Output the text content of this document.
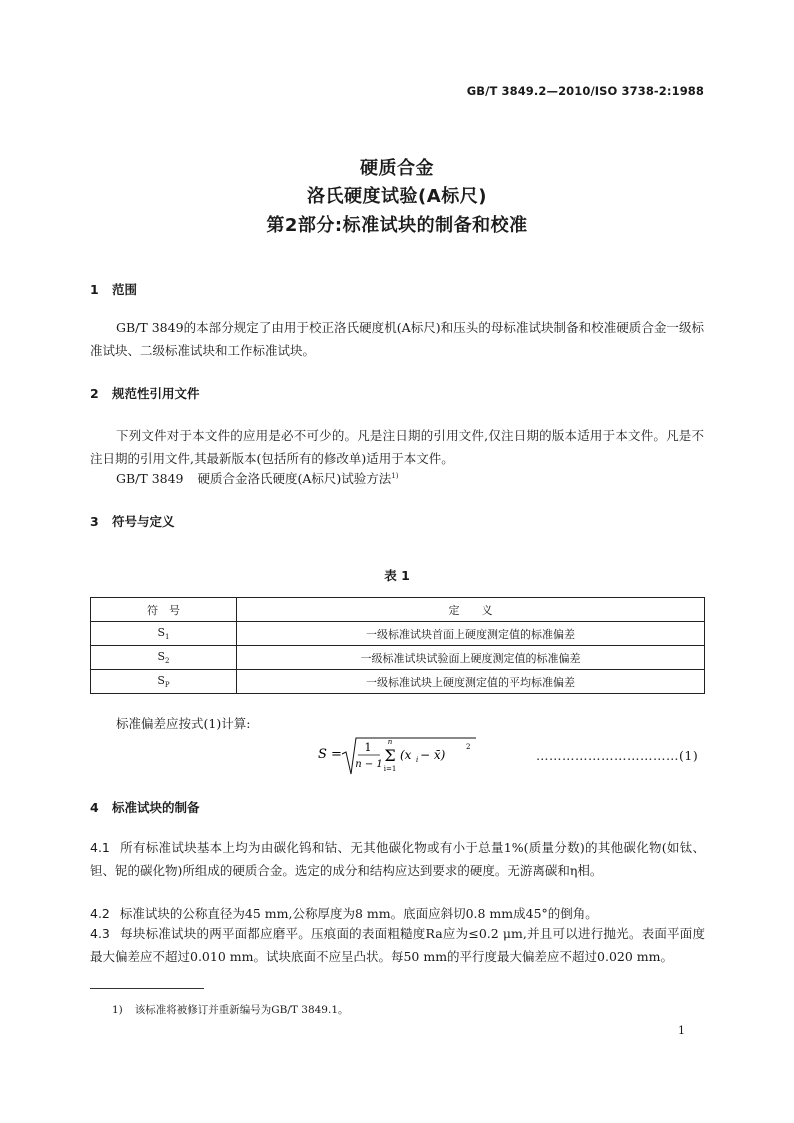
GB/T 3849.2—2010/ISO 3738-2:1988
硬质合金
洛氏硬度试验(A标尺)
第2部分:标准试块的制备和校准
1 范围
GB/T 3849的本部分规定了由用于校正洛氏硬度机(A标尺)和压头的母标准试块制备和校准硬质合金一级标准试块、二级标准试块和工作标准试块。
2 规范性引用文件
下列文件对于本文件的应用是必不可少的。凡是注日期的引用文件,仅注日期的版本适用于本文件。凡是不注日期的引用文件,其最新版本(包括所有的修改单)适用于本文件。
GB/T 3849 硬质合金洛氏硬度(A标尺)试验方法$^{1)}$
3 符号与定义
表 1
符　号	定　　义
$S_1$	一级标准试块首面上硬度测定值的标准偏差
$S_2$	一级标准试块试验面上硬度测定值的标准偏差
$S_P$	一级标准试块上硬度测定值的平均标准偏差
标准偏差应按式(1)计算:
S = 1
n − 1
n
Σ
i=1
(x i − x̄)
2
……………………………(1)
4 标准试块的制备
4.1 所有标准试块基本上均为由碳化钨和钴、无其他碳化物或有小于总量1%(质量分数)的其他碳化物(如钛、钽、铌的碳化物)所组成的硬质合金。选定的成分和结构应达到要求的硬度。无游离碳和η相。
4.2 标准试块的公称直径为45 mm,公称厚度为8 mm。底面应斜切0.8 mm成45°的倒角。
4.3 每块标准试块的两平面都应磨平。压痕面的表面粗糙度Ra应为≤0.2 μm,并且可以进行抛光。表面平面度最大偏差应不超过0.010 mm。试块底面不应呈凸状。每50 mm的平行度最大偏差应不超过0.020 mm。
1) 该标准将被修订并重新编号为GB/T 3849.1。
1
